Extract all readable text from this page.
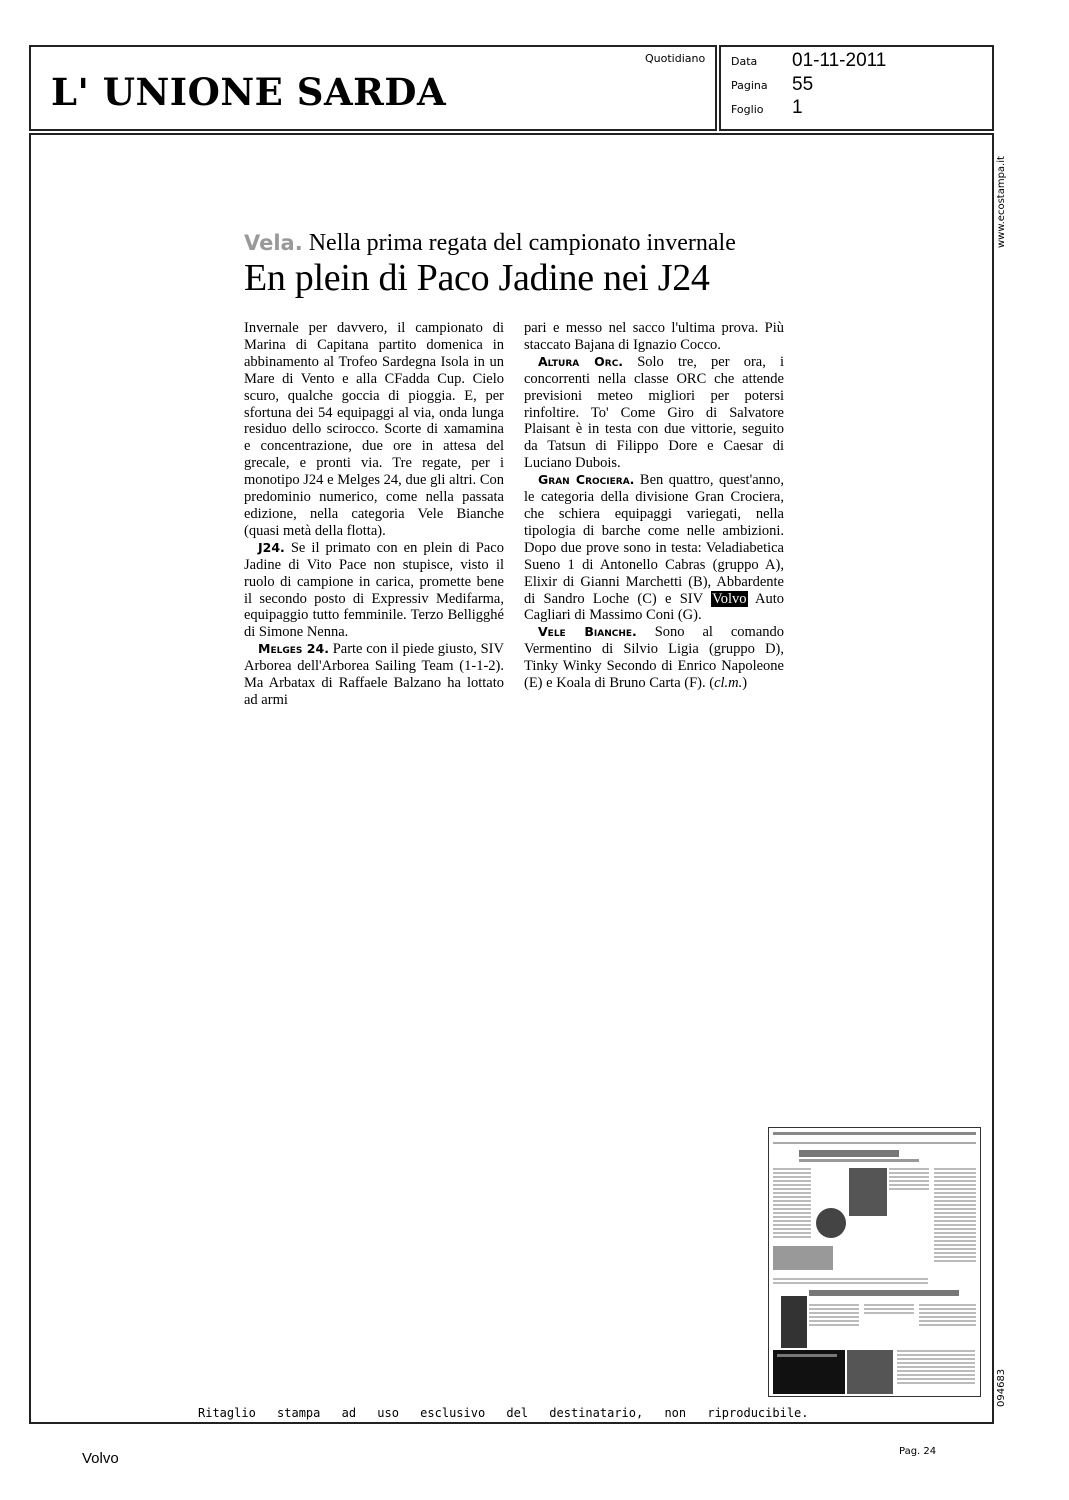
L' UNIONE SARDA
Quotidiano Data 01-11-2011
Pagina 55
Foglio 1
www.ecostampa.it
094683
Vela. Nella prima regata del campionato invernale
En plein di Paco Jadine nei J24

Invernale per davvero, il campionato di Marina di Capitana partito domenica in abbinamento al Trofeo Sardegna Isola in un Mare di Vento e alla CFadda Cup. Cielo scuro, qualche goccia di pioggia. E, per sfortuna dei 54 equipaggi al via, onda lunga residuo dello scirocco. Scorte di xamamina e concentrazione, due ore in attesa del grecale, e pronti via. Tre regate, per i monotipo J24 e Melges 24, due gli altri. Con predominio numerico, come nella passata edizione, nella categoria Vele Bianche (quasi metà della flotta).

J24. Se il primato con en plein di Paco Jadine di Vito Pace non stupisce, visto il ruolo di campione in carica, promette bene il secondo posto di Expressiv Medifarma, equipaggio tutto femminile. Terzo Belligghé di Simone Nenna.

Melges 24. Parte con il piede giusto, SIV Arborea dell'Arborea Sailing Team (1-1-2). Ma Arbatax di Raffaele Balzano ha lottato ad armi

pari e messo nel sacco l'ultima prova. Più staccato Bajana di Ignazio Cocco.

Altura Orc. Solo tre, per ora, i concorrenti nella classe ORC che attende previsioni meteo migliori per potersi rinfoltire. To' Come Giro di Salvatore Plaisant è in testa con due vittorie, seguito da Tatsun di Filippo Dore e Caesar di Luciano Dubois.

Gran Crociera. Ben quattro, quest'anno, le categoria della divisione Gran Crociera, che schiera equipaggi variegati, nella tipologia di barche come nelle ambizioni. Dopo due prove sono in testa: Veladiabetica Sueno 1 di Antonello Cabras (gruppo A), Elixir di Gianni Marchetti (B), Abbardente di Sandro Loche (C) e SIV Volvo Auto Cagliari di Massimo Coni (G).

Vele Bianche. Sono al comando Vermentino di Silvio Ligia (gruppo D), Tinky Winky Secondo di Enrico Napoleone (E) e Koala di Bruno Carta (F). (cl.m.)

Ritaglio stampa ad uso esclusivo del destinatario, non riproducibile.
Volvo	Pag. 24
